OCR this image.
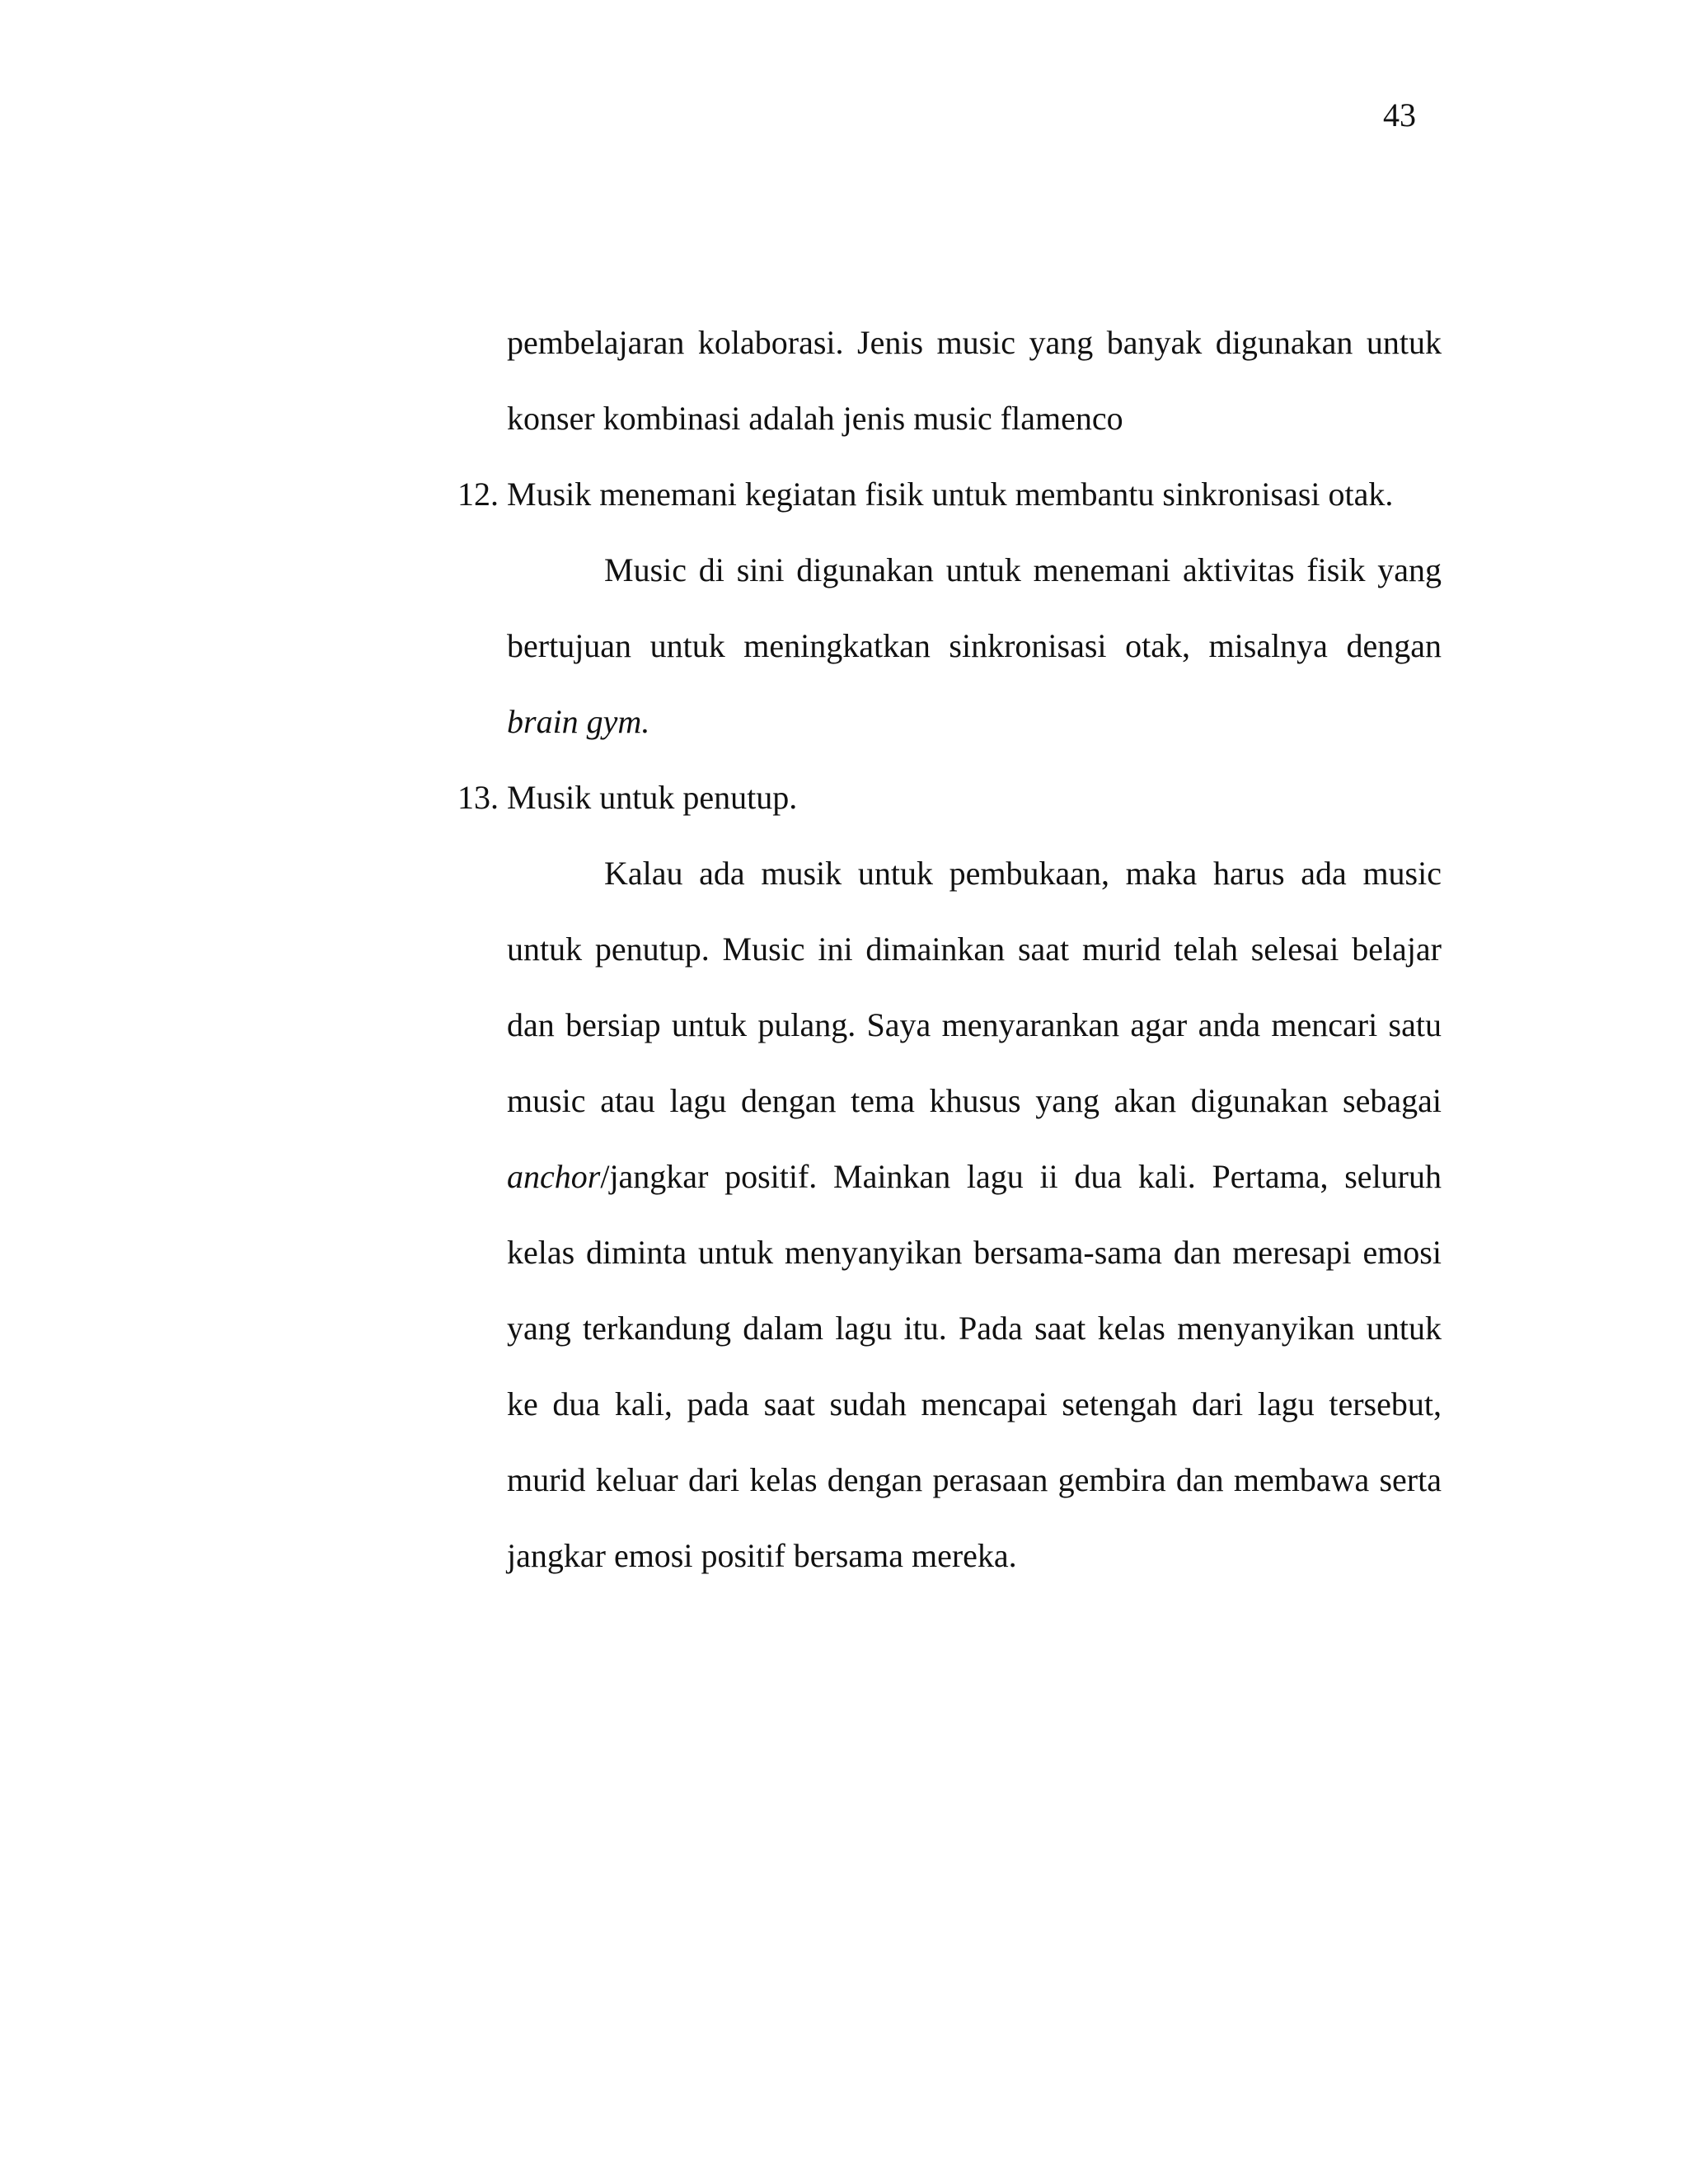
43
pembelajaran kolaborasi. Jenis music yang banyak digunakan untuk
konser kombinasi adalah jenis music flamenco
12. Musik menemani kegiatan fisik untuk membantu sinkronisasi otak.
Music di sini digunakan untuk menemani aktivitas fisik yang
bertujuan untuk meningkatkan sinkronisasi otak, misalnya dengan
brain gym.
13. Musik untuk penutup.
Kalau ada musik untuk pembukaan, maka harus ada music
untuk penutup. Music ini dimainkan saat murid telah selesai belajar
dan bersiap untuk pulang. Saya menyarankan agar anda mencari satu
music atau lagu dengan tema khusus yang akan digunakan sebagai
anchor/jangkar positif. Mainkan lagu ii dua kali. Pertama, seluruh
kelas diminta untuk menyanyikan bersama-sama dan meresapi emosi
yang terkandung dalam lagu itu. Pada saat kelas menyanyikan untuk
ke dua kali, pada saat sudah mencapai setengah dari lagu tersebut,
murid keluar dari kelas dengan perasaan gembira dan membawa serta
jangkar emosi positif bersama mereka.
